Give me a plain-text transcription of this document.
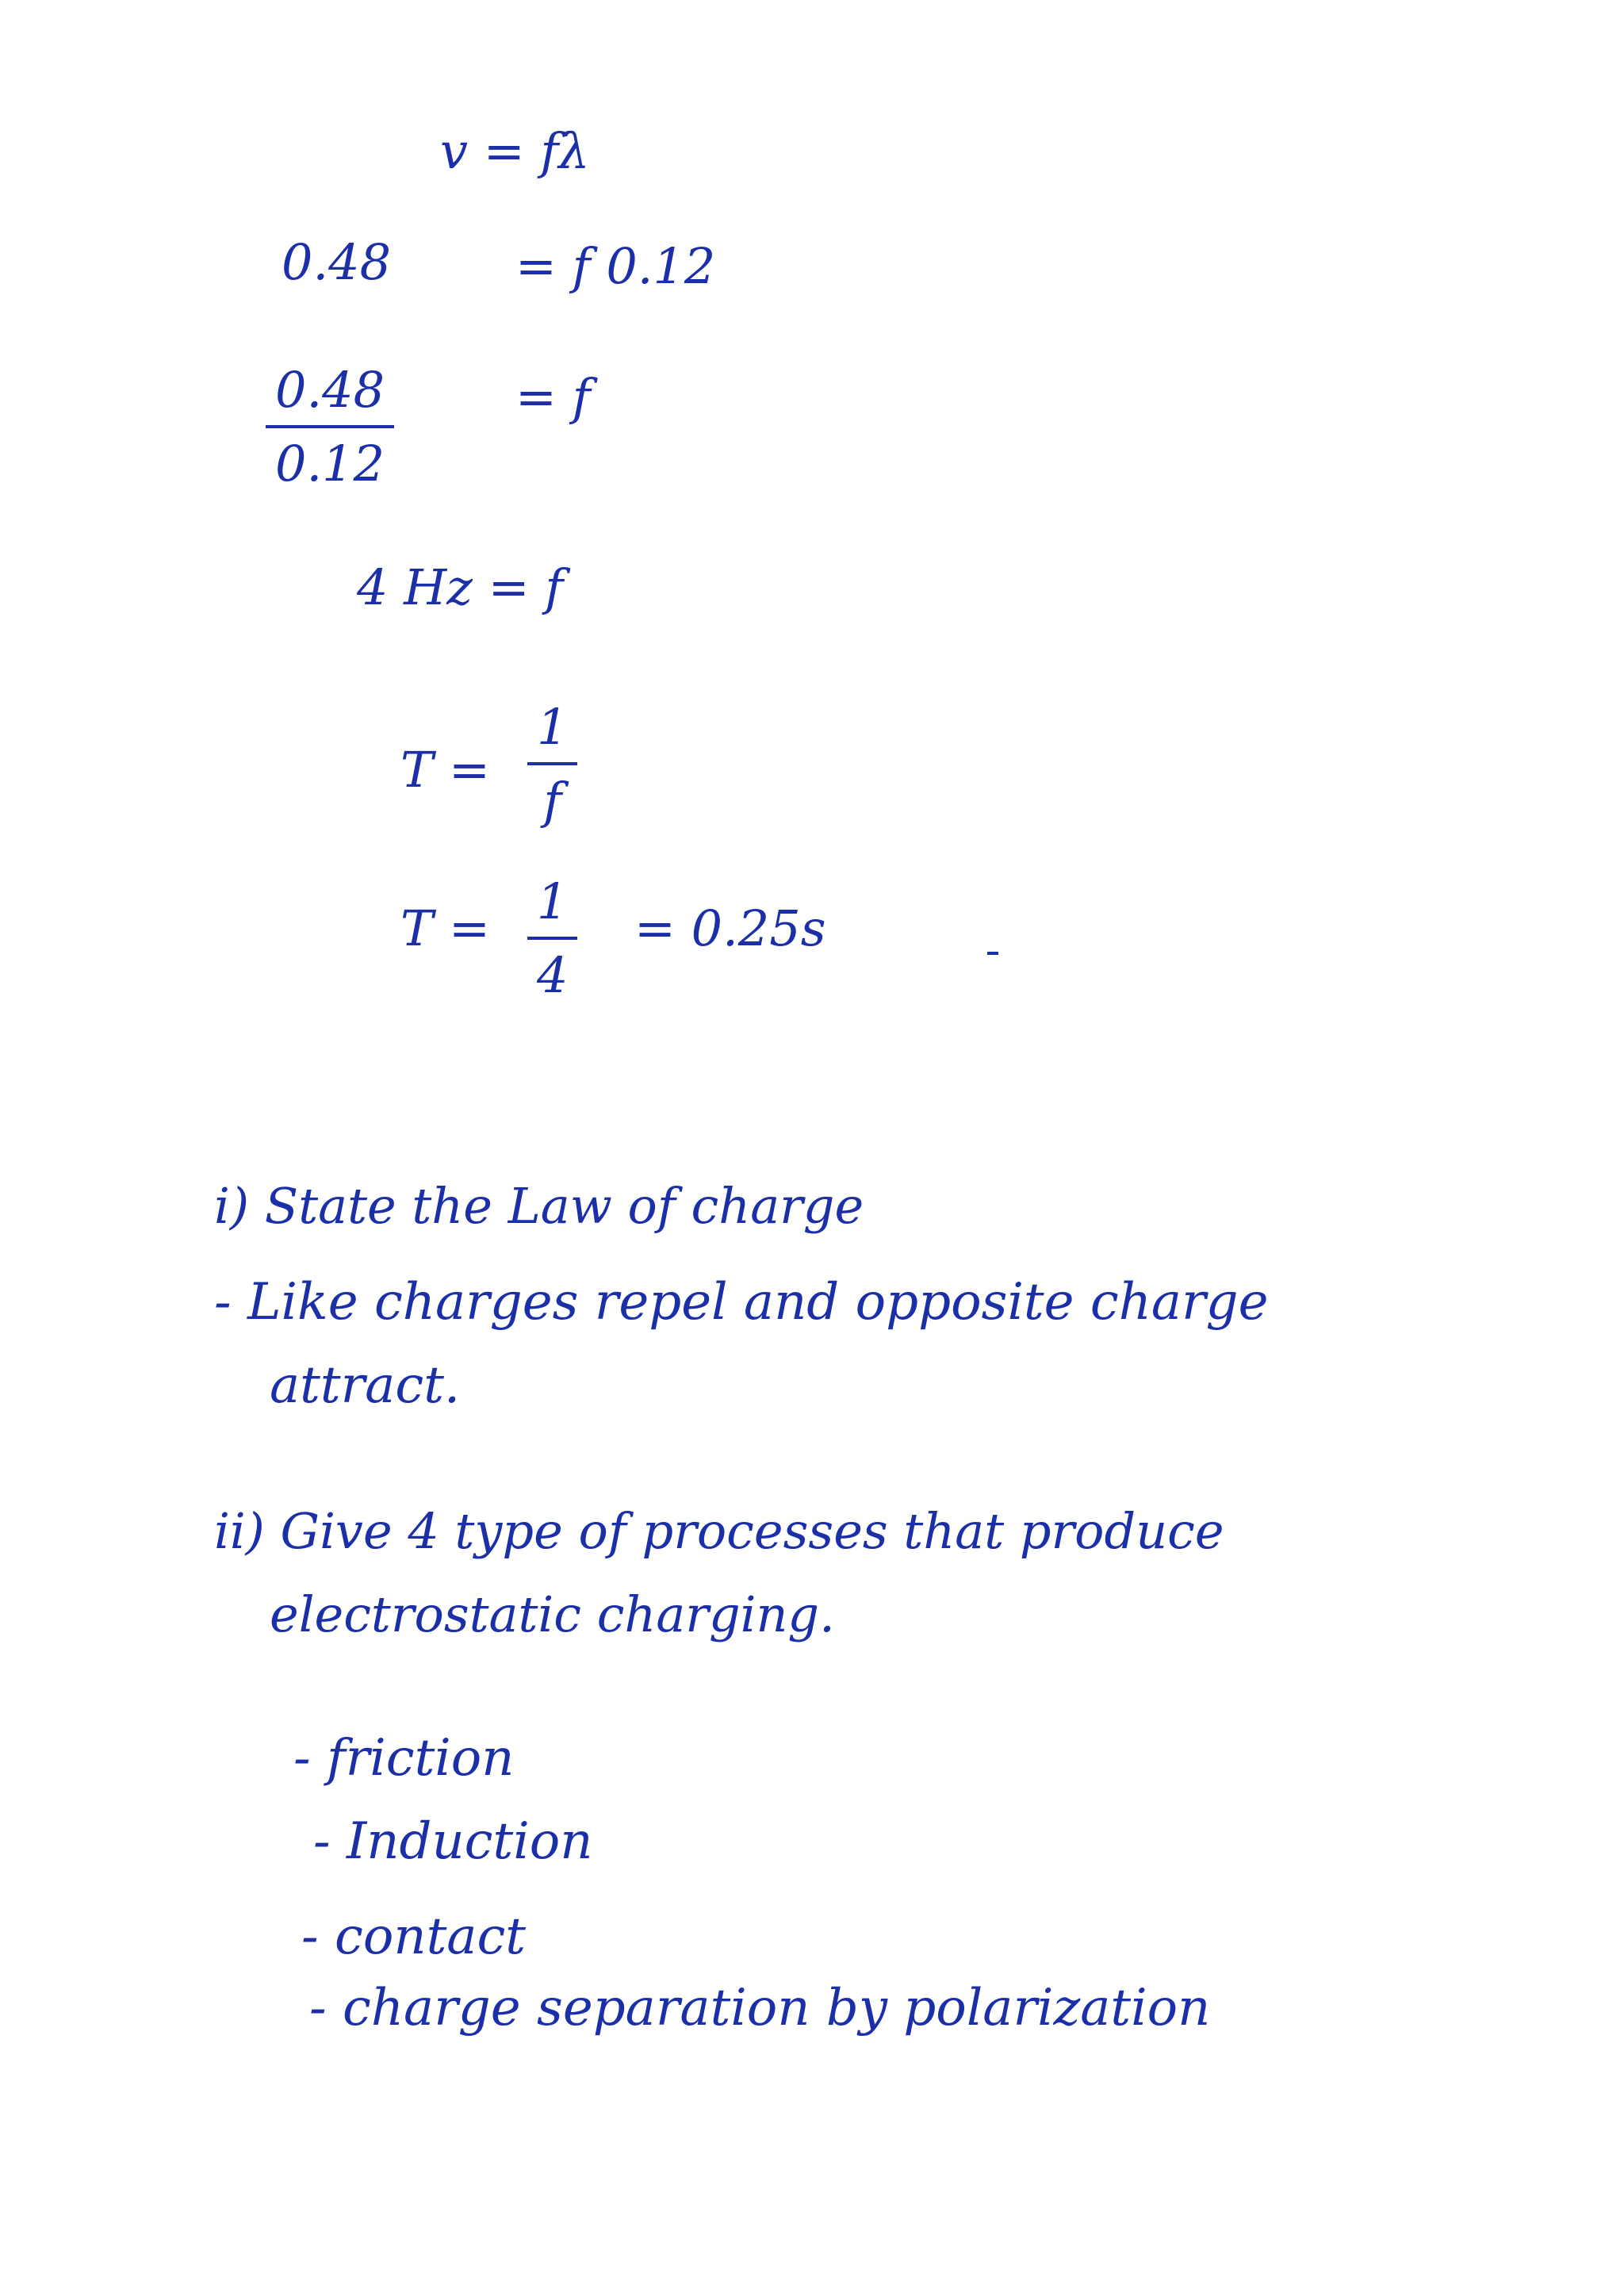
v = fλ
0.48	= f 0.12
0.48
0.12
= f
4 Hz = f
T =
1
f
T = 1
4
= 0.25s
i) State the Law of charge
- Like charges repel and opposite charge
attract.
ii) Give 4 type of processes that produce
electrostatic charging.
- friction
- Induction
- contact
- charge separation by polarization
